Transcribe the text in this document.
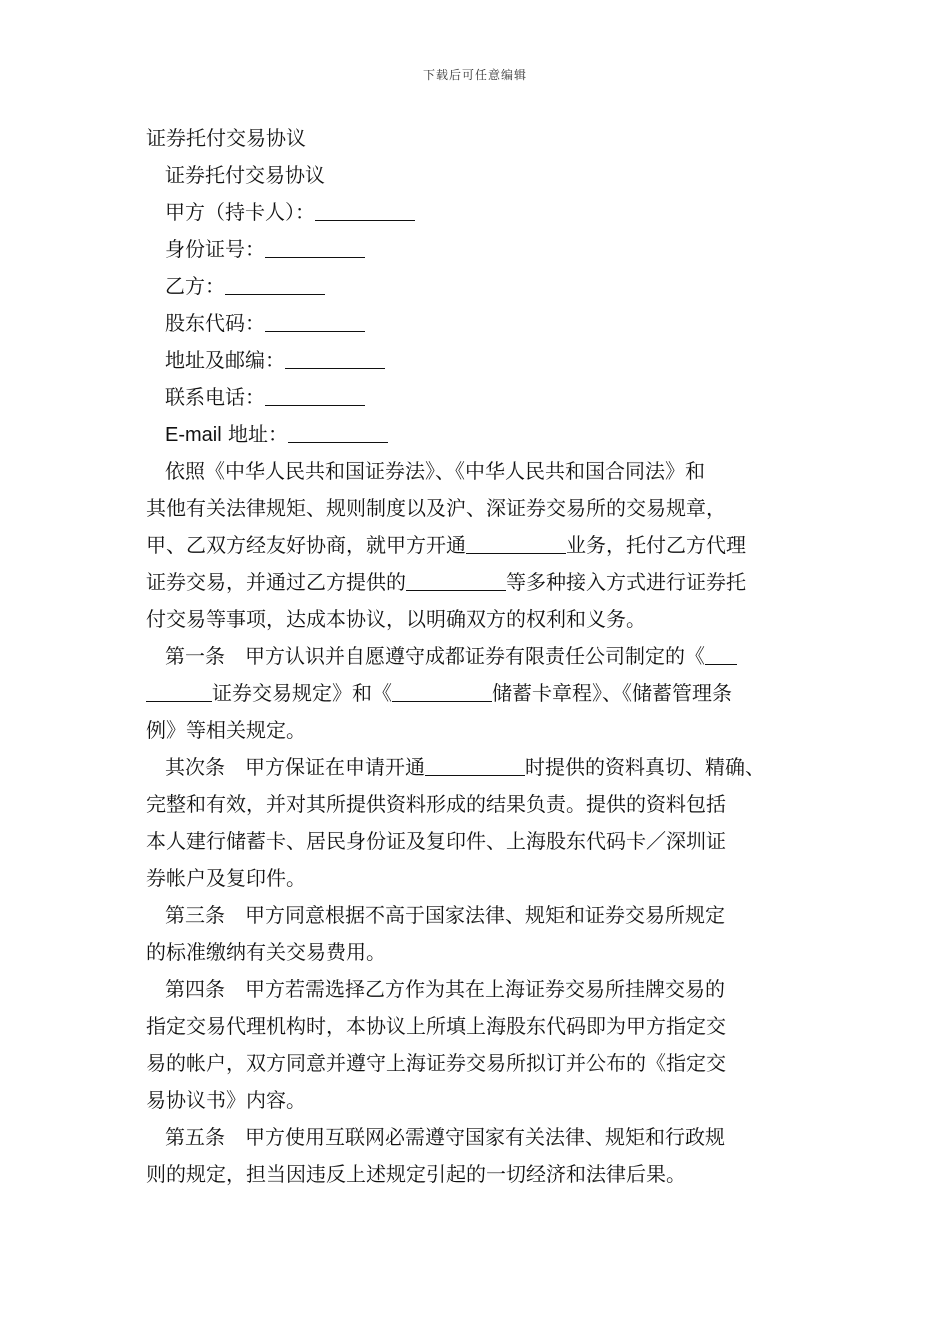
下载后可任意编辑
证券托付交易协议
证券托付交易协议
甲方（持卡人）：
身份证号：
乙方：
股东代码：
地址及邮编：
联系电话：
E-mail 地址：
依照《中华人民共和国证券法》、《中华人民共和国合同法》和
其他有关法律规矩、规则制度以及沪、深证券交易所的交易规章，
甲、乙双方经友好协商，就甲方开通	业务，托付乙方代理
证券交易，并通过乙方提供的	等多种接入方式进行证券托
付交易等事项，达成本协议，以明确双方的权利和义务。
第一条　甲方认识并自愿遵守成都证券有限责任公司制定的《
证券交易规定》和《	储蓄卡章程》、《储蓄管理条
例》等相关规定。
其次条　甲方保证在申请开通	时提供的资料真切、精确、
完整和有效，并对其所提供资料形成的结果负责。提供的资料包括
本人建行储蓄卡、居民身份证及复印件、上海股东代码卡／深圳证
券帐户及复印件。
第三条　甲方同意根据不高于国家法律、规矩和证券交易所规定
的标准缴纳有关交易费用。
第四条　甲方若需选择乙方作为其在上海证券交易所挂牌交易的
指定交易代理机构时，本协议上所填上海股东代码即为甲方指定交
易的帐户，双方同意并遵守上海证券交易所拟订并公布的《指定交
易协议书》内容。
第五条　甲方使用互联网必需遵守国家有关法律、规矩和行政规
则的规定，担当因违反上述规定引起的一切经济和法律后果。
